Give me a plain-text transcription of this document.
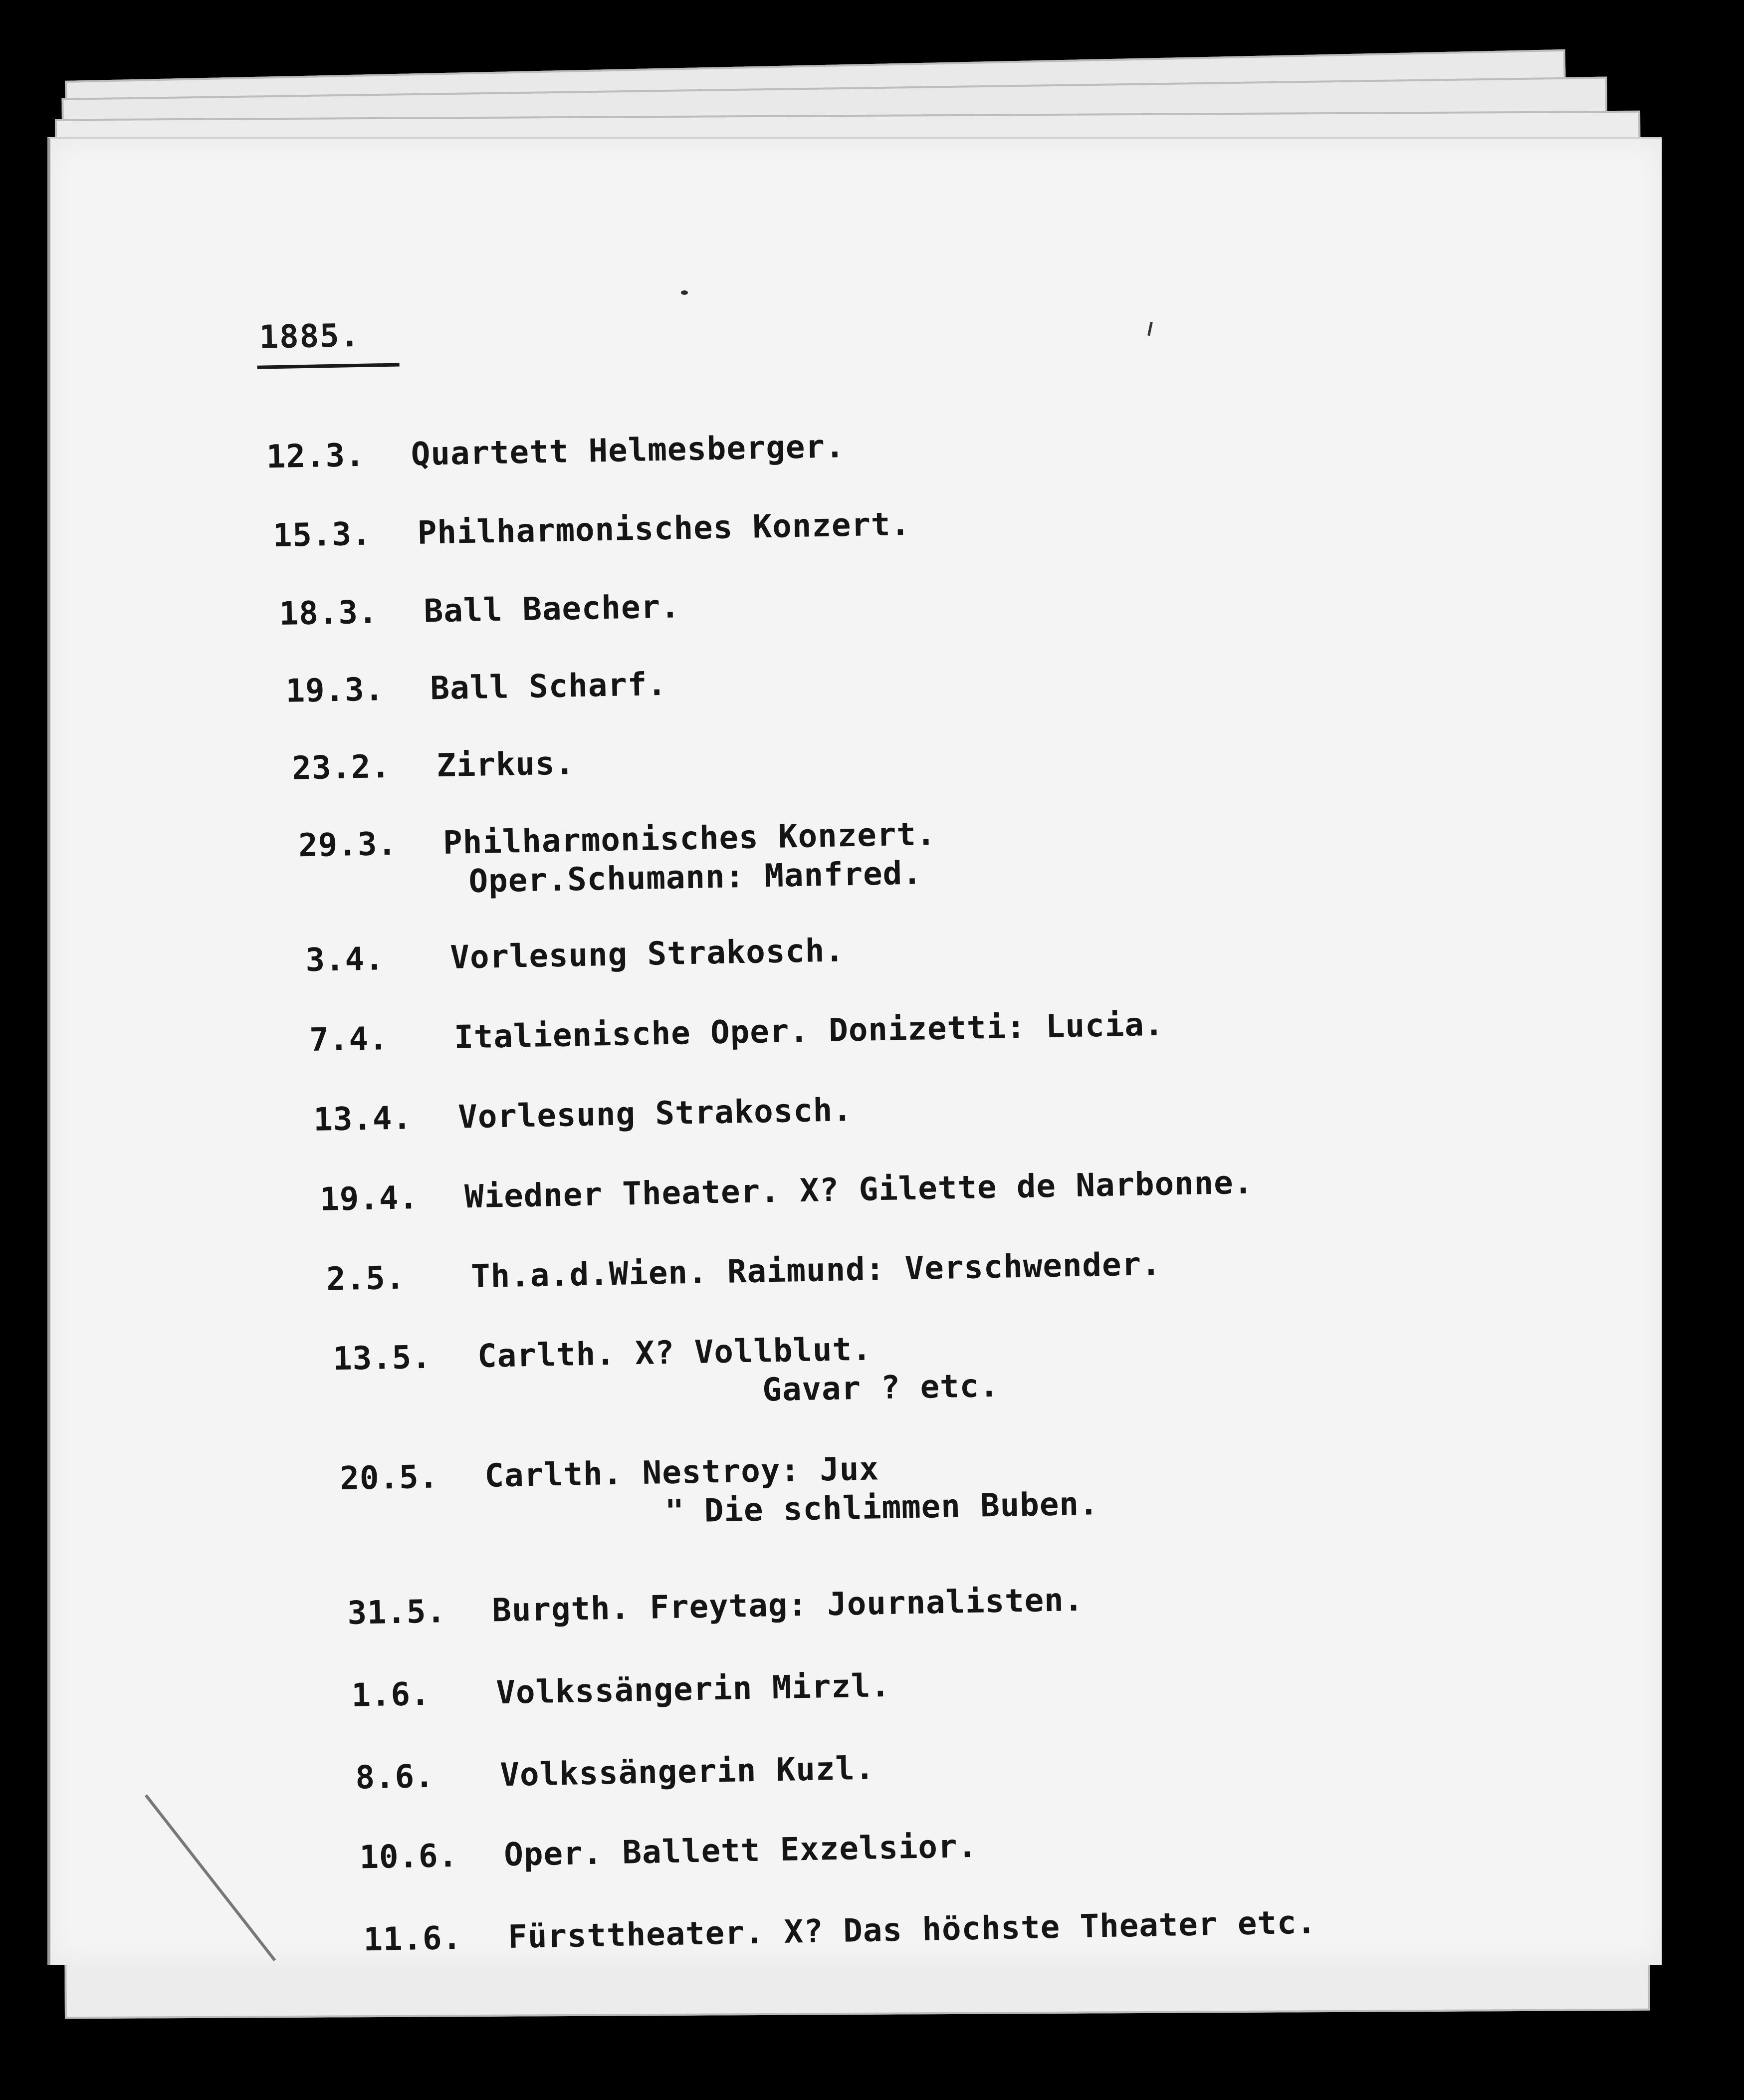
1885.
12.3. Quartett Helmesberger.
15.3. Philharmonisches Konzert.
18.3. Ball Baecher.
19.3. Ball Scharf.
23.2. Zirkus.
29.3. Philharmonisches Konzert.
Oper.Schumann: Manfred.
3.4. Vorlesung Strakosch.
7.4. Italienische Oper. Donizetti: Lucia.
13.4. Vorlesung Strakosch.
19.4. Wiedner Theater. X? Gilette de Narbonne.
2.5. Th.a.d.Wien. Raimund: Verschwender.
13.5. Carlth. X? Vollblut.
Gavar ? etc.
20.5. Carlth. Nestroy: Jux
" Die schlimmen Buben.
31.5. Burgth. Freytag: Journalisten.
1.6. Volkssängerin Mirzl.
8.6. Volkssängerin Kuzl.
10.6. Oper. Ballett Exzelsior.
11.6. Fürsttheater. X? Das höchste Theater etc.
